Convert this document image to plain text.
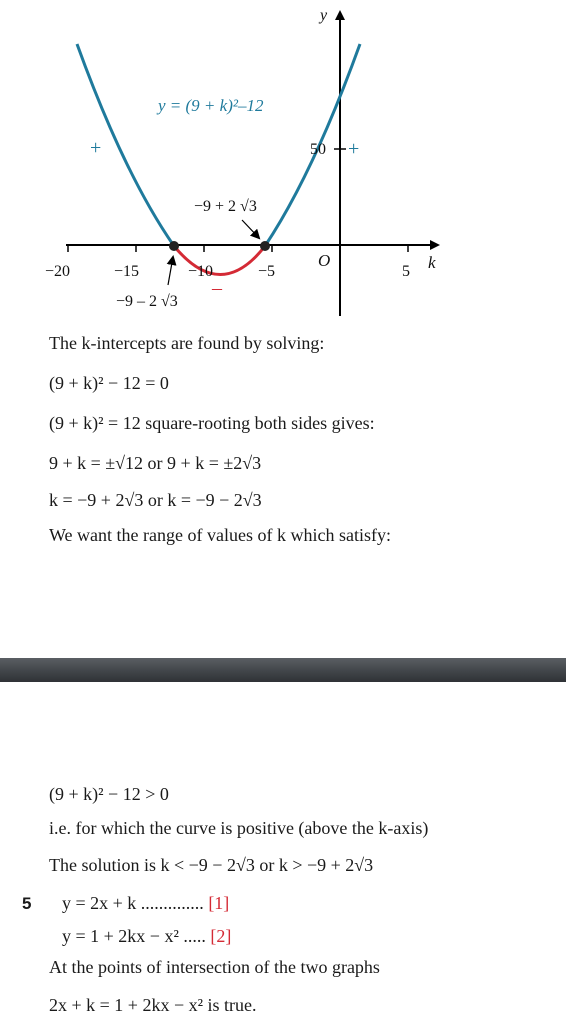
y
k
O
−20	−15	−10	−5	5
50
y = (9 + k)²–12
−9 + 2 √3
−9 – 2 √3
+	+
–
The k-intercepts are found by solving:
(9 + k)² − 12 = 0
(9 + k)² = 12 square-rooting both sides gives:
9 + k = ±√12 or 9 + k = ±2√3
k = −9 + 2√3 or k = −9 − 2√3
We want the range of values of k which satisfy:
(9 + k)² − 12 > 0
i.e. for which the curve is positive (above the k-axis)
The solution is k < −9 − 2√3 or k > −9 + 2√3
5 y = 2x + k .............. [1]
y = 1 + 2kx − x² ..... [2]
At the points of intersection of the two graphs
2x + k = 1 + 2kx − x² is true.
